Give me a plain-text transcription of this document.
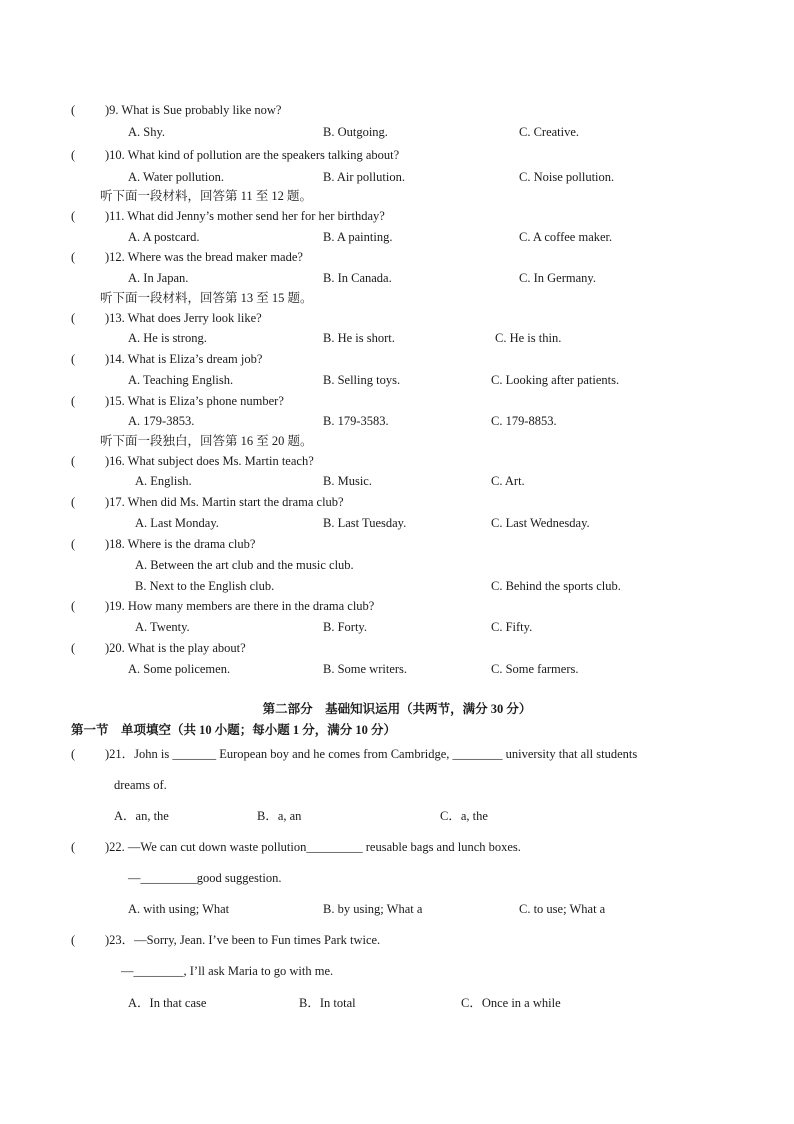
( )9. What is Sue probably like now?
A. Shy.	B. Outgoing.	C. Creative.
( )10. What kind of pollution are the speakers talking about?
A. Water pollution.	B. Air pollution.	C. Noise pollution.
听下面一段材料，回答第 11 至 12 题。
( )11. What did Jenny’s mother send her for her birthday?
A. A postcard.	B. A painting.	C. A coffee maker.
( )12. Where was the bread maker made?
A. In Japan.	B. In Canada.	C. In Germany.
听下面一段材料，回答第 13 至 15 题。
( )13. What does Jerry look like?
A. He is strong.	B. He is short.	C. He is thin.
( )14. What is Eliza’s dream job?
A. Teaching English.	B. Selling toys.	C. Looking after patients.
( )15. What is Eliza’s phone number?
A. 179-3853.	B. 179-3583.	C. 179-8853.
听下面一段独白，回答第 16 至 20 题。
( )16. What subject does Ms. Martin teach?
A. English.	B. Music.	C. Art.
( )17. When did Ms. Martin start the drama club?
A. Last Monday.	B. Last Tuesday.	C. Last Wednesday.
( )18. Where is the drama club?
A. Between the art club and the music club.
B. Next to the English club.	C. Behind the sports club.
( )19. How many members are there in the drama club?
A. Twenty.	B. Forty.	C. Fifty.
( )20. What is the play about?
A. Some policemen.	B. Some writers.	C. Some farmers.
第二部分　基础知识运用（共两节，满分 30 分）
第一节　单项填空（共 10 小题；每小题 1 分，满分 10 分）
( )21．John is _______ European boy and he comes from Cambridge, ________ university that all students
dreams of.
A．an, the	B．a, an	C．a, the
( )22. —We can cut down waste pollution_________ reusable bags and lunch boxes.
—_________good suggestion.
A. with using; What	B. by using; What a	C. to use; What a
( )23．—Sorry, Jean. I’ve been to Fun times Park twice.
—________, I’ll ask Maria to go with me.
A．In that case	B．In total	C．Once in a while
